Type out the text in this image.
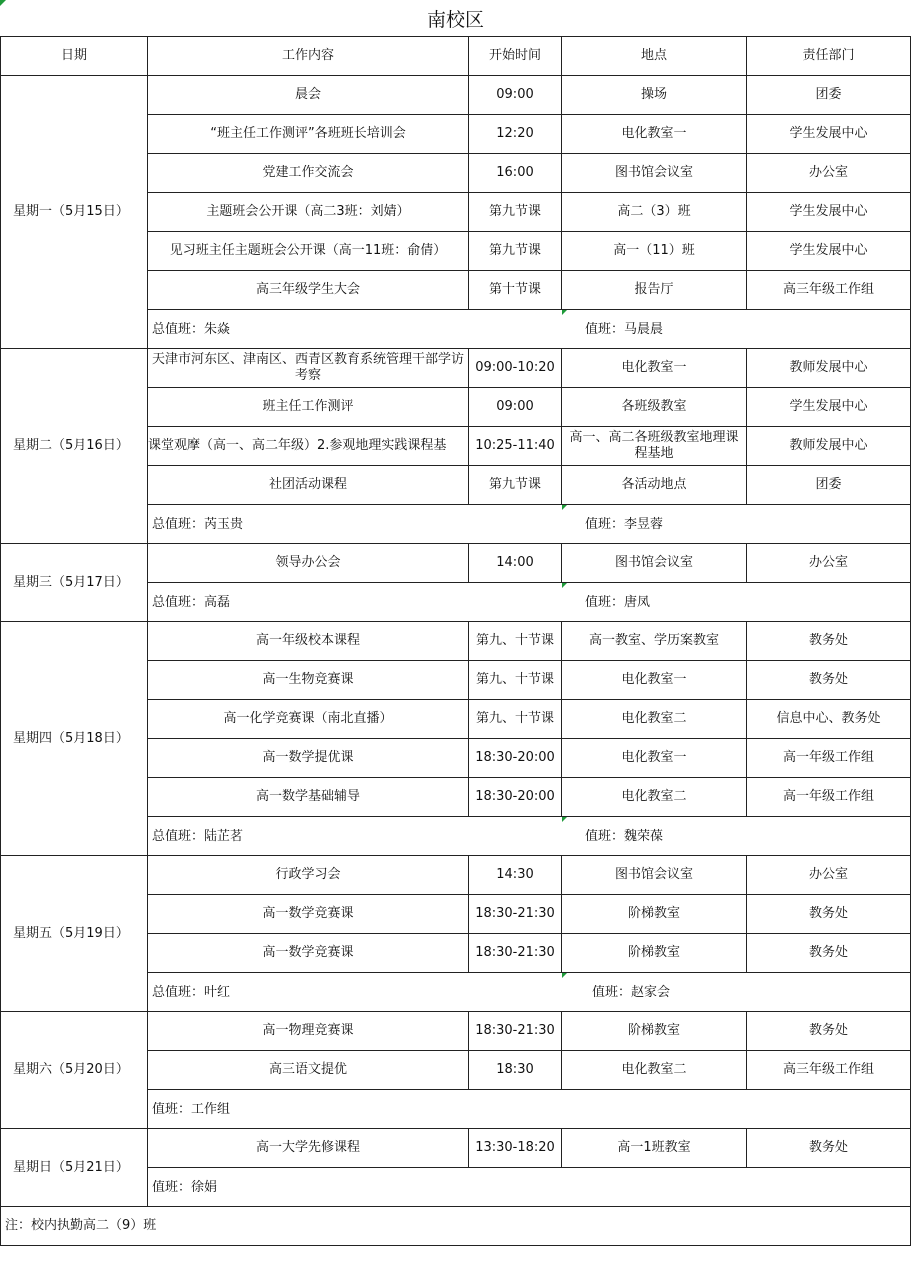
南校区
日期	工作内容	开始时间	地点	责任部门
星期一（5月15日）	晨会	09:00	操场	团委
	“班主任工作测评”各班班长培训会	12:20	电化教室一	学生发展中心
	党建工作交流会	16:00	图书馆会议室	办公室
	主题班会公开课（高二3班：刘婧）	第九节课	高二（3）班	学生发展中心
	见习班主任主题班会公开课（高一11班：俞倩）	第九节课	高一（11）班	学生发展中心
	高三年级学生大会	第十节课	报告厅	高三年级工作组

	总值班：朱焱 值班：马晨晨			

星期二（5月16日）	天津市河东区、津南区、西青区教育系统管理干部学访考察	09:00-10:20	电化教室一	教师发展中心
	班主任工作测评	09:00	各班级教室	学生发展中心
	课堂观摩（高一、高二年级）2.参观地理实践课程基	10:25-11:40	高一、高二各班级教室地理课程基地	教师发展中心
	社团活动课程	第九节课	各活动地点	团委

	总值班：芮玉贵 值班：李昱蓉			

星期三（5月17日）	领导办公会	14:00	图书馆会议室	办公室

	总值班：高磊 值班：唐凤			

星期四（5月18日）	高一年级校本课程	第九、十节课	高一教室、学历案教室	教务处
	高一生物竞赛课	第九、十节课	电化教室一	教务处
	高一化学竞赛课（南北直播）	第九、十节课	电化教室二	信息中心、教务处
	高一数学提优课	18:30-20:00	电化教室一	高一年级工作组
	高一数学基础辅导	18:30-20:00	电化教室二	高一年级工作组

	总值班：陆芷茗 值班：魏荣葆			

星期五（5月19日）	行政学习会	14:30	图书馆会议室	办公室
	高一数学竞赛课	18:30-21:30	阶梯教室	教务处
	高一数学竞赛课	18:30-21:30	阶梯教室	教务处

	总值班：叶红 值班：赵家会			

星期六（5月20日）	高一物理竞赛课	18:30-21:30	阶梯教室	教务处
	高三语文提优	18:30	电化教室二	高三年级工作组

	值班：工作组			

星期日（5月21日）	高一大学先修课程	13:30-18:20	高一1班教室	教务处

	值班：徐娟			

注：校内执勤高二（9）班				
